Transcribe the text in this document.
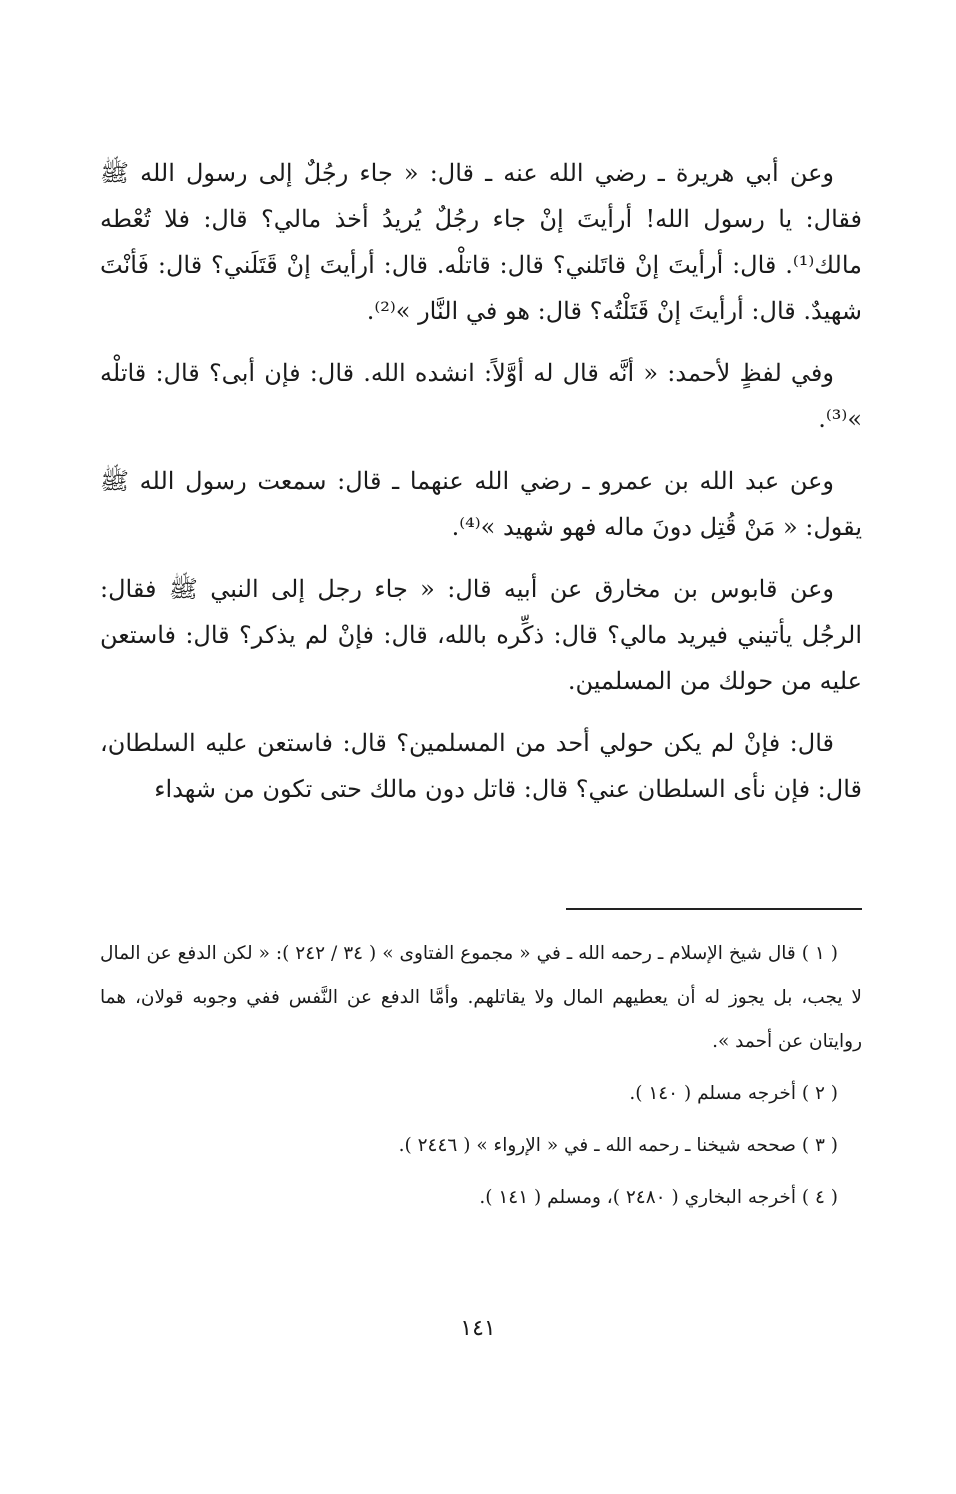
وعن أبي هريرة ـ رضي الله عنه ـ قال: « جاء رجُلٌ إلى رسول الله ﷺ فقال: يا رسول الله! أرأيتَ إنْ جاء رجُلٌ يُريدُ أخذ مالي؟ قال: فلا تُعْطه مالك⁽¹⁾. قال: أرأيتَ إنْ قاتَلني؟ قال: قاتلْه. قال: أرأيتَ إنْ قَتَلَني؟ قال: فَأنْتَ شهيدٌ. قال: أرأيتَ إنْ قَتَلْتُه؟ قال: هو في النَّار »⁽²⁾.

وفي لفظٍ لأحمد: « أنَّه قال له أوَّلاً: انشده الله. قال: فإن أبى؟ قال: قاتلْه »⁽³⁾.

وعن عبد الله بن عمرو ـ رضي الله عنهما ـ قال: سمعت رسول الله ﷺ يقول: « مَنْ قُتِل دونَ ماله فهو شهيد »⁽⁴⁾.

وعن قابوس بن مخارق عن أبيه قال: « جاء رجل إلى النبي ﷺ فقال: الرجُل يأتيني فيريد مالي؟ قال: ذكِّره بالله، قال: فإنْ لم يذكر؟ قال: فاستعن عليه من حولك من المسلمين.

قال: فإنْ لم يكن حولي أحد من المسلمين؟ قال: فاستعن عليه السلطان، قال: فإن نأى السلطان عني؟ قال: قاتل دون مالك حتى تكون من شهداء

( ١ ) قال شيخ الإسلام ـ رحمه الله ـ في « مجموع الفتاوى » ( ٣٤ / ٢٤٢ ): « لكن الدفع عن المال لا يجب، بل يجوز له أن يعطيهم المال ولا يقاتلهم. وأمَّا الدفع عن النَّفس ففي وجوبه قولان، هما روايتان عن أحمد ».

( ٢ ) أخرجه مسلم ( ١٤٠ ).

( ٣ ) صححه شيخنا ـ رحمه الله ـ في « الإرواء » ( ٢٤٤٦ ).

( ٤ ) أخرجه البخاري ( ٢٤٨٠ )، ومسلم ( ١٤١ ).

١٤١
